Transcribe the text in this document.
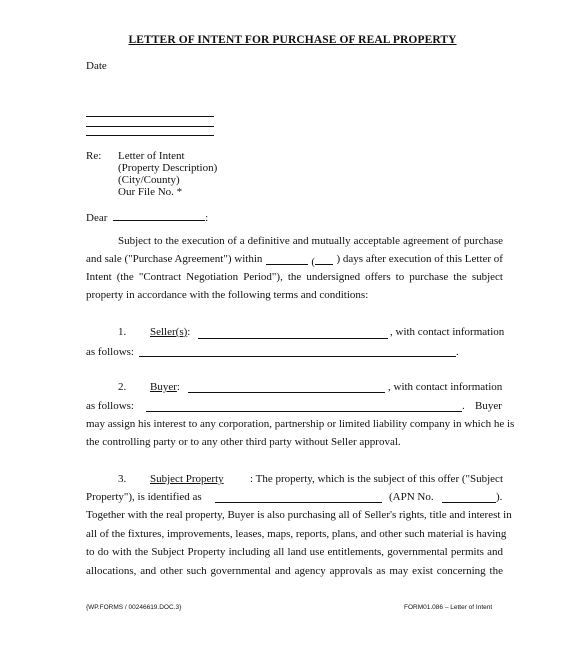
LETTER OF INTENT FOR PURCHASE OF REAL PROPERTY
Date
Re: Letter of Intent
(Property Description)
(City/County)
Our File No. *
Dear	:
Subject to the execution of a definitive and mutually acceptable agreement of purchase
and sale ("Purchase Agreement") within	(	) days after execution of this Letter of
Intent (the "Contract Negotiation Period"), the undersigned offers to purchase the subject
property in accordance with the following terms and conditions:
1. Seller(s):	, with contact information
as follows:	.
2. Buyer:	, with contact information
as follows:	. Buyer
may assign his interest to any corporation, partnership or limited liability company in which he is
the controlling party or to any other third party without Seller approval.
3. Subject Property : The property, which is the subject of this offer ("Subject
Property"), is identified as	(APN No.	).
Together with the real property, Buyer is also purchasing all of Seller's rights, title and interest in
all of the fixtures, improvements, leases, maps, reports, plans, and other such material is having
to do with the Subject Property including all land use entitlements, governmental permits and
allocations, and other such governmental and agency approvals as may exist concerning the
{WP.FORMS / 00246619.DOC.3}	FORM01.086 – Letter of Intent
